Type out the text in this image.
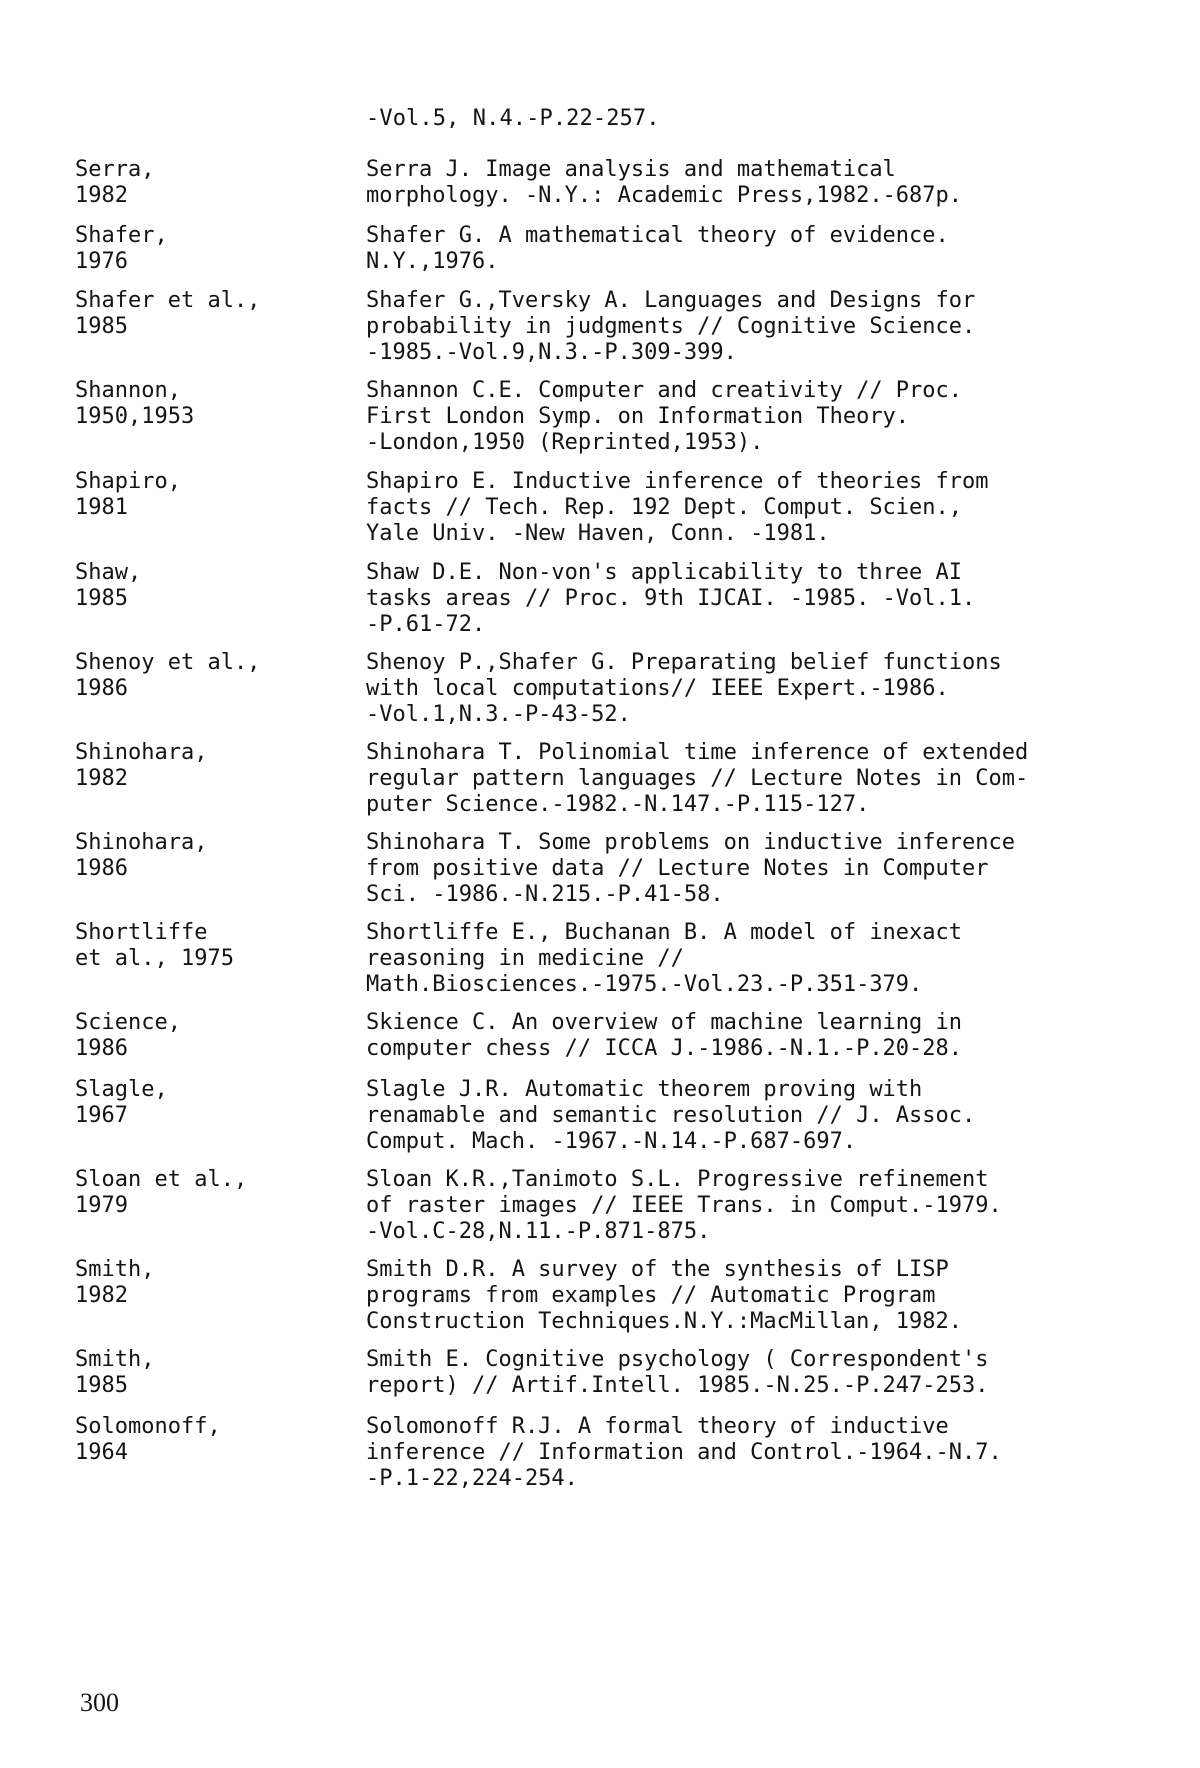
-Vol.5, N.4.-P.22-257.
Serra,
1982
Serra J. Image analysis and mathematical
morphology. -N.Y.: Academic Press,1982.-687p.
Shafer,
1976
Shafer G. A mathematical theory of evidence.
N.Y.,1976.
Shafer et al.,
1985
Shafer G.,Tversky A. Languages and Designs for
probability in judgments // Cognitive Science.
-1985.-Vol.9,N.3.-P.309-399.
Shannon,
1950,1953
Shannon C.E. Computer and creativity // Proc.
First London Symp. on Information Theory.
-London,1950 (Reprinted,1953).
Shapiro,
1981
Shapiro E. Inductive inference of theories from
facts // Tech. Rep. 192 Dept. Comput. Scien.,
Yale Univ. -New Haven, Conn. -1981.
Shaw,
1985
Shaw D.E. Non-von's applicability to three AI
tasks areas // Proc. 9th IJCAI. -1985. -Vol.1.
-P.61-72.
Shenoy et al.,
1986
Shenoy P.,Shafer G. Preparating belief functions
with local computations// IEEE Expert.-1986.
-Vol.1,N.3.-P-43-52.
Shinohara,
1982
Shinohara T. Polinomial time inference of extended
regular pattern languages // Lecture Notes in Com-
puter Science.-1982.-N.147.-P.115-127.
Shinohara,
1986
Shinohara T. Some problems on inductive inference
from positive data // Lecture Notes in Computer
Sci. -1986.-N.215.-P.41-58.
Shortliffe
et al., 1975
Shortliffe E., Buchanan B. A model of inexact
reasoning in medicine //
Math.Biosciences.-1975.-Vol.23.-P.351-379.
Science,
1986
Skience C. An overview of machine learning in
computer chess // ICCA J.-1986.-N.1.-P.20-28.
Slagle,
1967
Slagle J.R. Automatic theorem proving with
renamable and semantic resolution // J. Assoc.
Comput. Mach. -1967.-N.14.-P.687-697.
Sloan et al.,
1979
Sloan K.R.,Tanimoto S.L. Progressive refinement
of raster images // IEEE Trans. in Comput.-1979.
-Vol.C-28,N.11.-P.871-875.
Smith,
1982
Smith D.R. A survey of the synthesis of LISP
programs from examples // Automatic Program
Construction Techniques.N.Y.:MacMillan, 1982.
Smith,
1985
Smith E. Cognitive psychology ( Correspondent's
report) // Artif.Intell. 1985.-N.25.-P.247-253.
Solomonoff,
1964
Solomonoff R.J. A formal theory of inductive
inference // Information and Control.-1964.-N.7.
-P.1-22,224-254.
300
